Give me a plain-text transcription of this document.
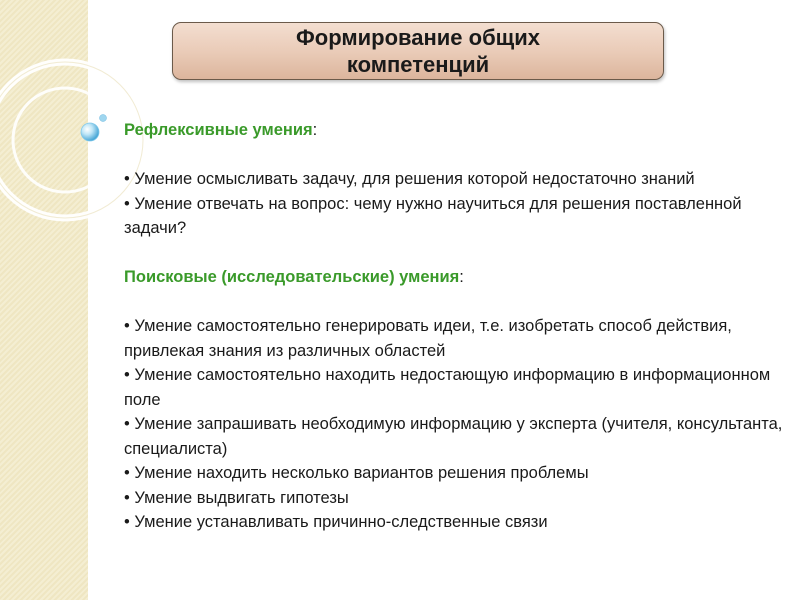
Формирование общих компетенций

Рефлексивные умения:

• Умение осмысливать задачу, для решения которой недостаточно знаний

• Умение отвечать на вопрос: чему нужно научиться для решения поставленной задачи?

Поисковые (исследовательские) умения:

• Умение самостоятельно генерировать идеи, т.е. изобретать способ действия, привлекая знания из различных областей

• Умение самостоятельно находить недостающую информацию в информационном поле

• Умение запрашивать необходимую информацию у эксперта (учителя, консультанта, специалиста)

• Умение находить несколько вариантов решения проблемы

• Умение выдвигать гипотезы

• Умение устанавливать причинно-следственные связи
